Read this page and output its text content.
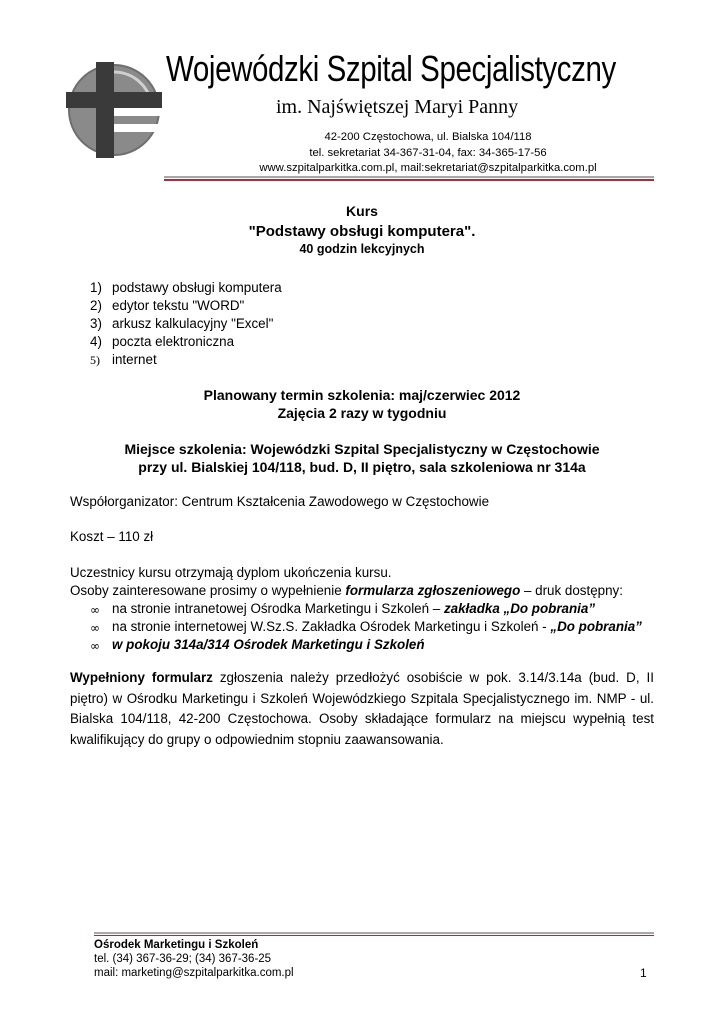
Wojewódzki Szpital Specjalistyczny
im. Najświętszej Maryi Panny
42-200 Częstochowa, ul. Bialska 104/118
tel. sekretariat 34-367-31-04, fax: 34-365-17-56
www.szpitalparkitka.com.pl, mail:sekretariat@szpitalparkitka.com.pl
Kurs
"Podstawy obsługi komputera".
40 godzin lekcyjnych
1) podstawy obsługi komputera
2) edytor tekstu "WORD"
3) arkusz kalkulacyjny "Excel"
4) poczta elektroniczna
5) internet
Planowany termin szkolenia: maj/czerwiec 2012
Zajęcia 2 razy w tygodniu
Miejsce szkolenia: Wojewódzki Szpital Specjalistyczny w Częstochowie
przy ul. Bialskiej 104/118, bud. D, II piętro, sala szkoleniowa nr 314a
Współorganizator: Centrum Kształcenia Zawodowego w Częstochowie
Koszt – 110 zł
Uczestnicy kursu otrzymają dyplom ukończenia kursu.
Osoby zainteresowane prosimy o wypełnienie formularza zgłoszeniowego – druk dostępny:
∞ na stronie intranetowej Ośrodka Marketingu i Szkoleń – zakładka „Do pobrania”
∞ na stronie internetowej W.Sz.S. Zakładka Ośrodek Marketingu i Szkoleń - „Do pobrania”
∞ w pokoju 314a/314 Ośrodek Marketingu i Szkoleń
Wypełniony formularz zgłoszenia należy przedłożyć osobiście w pok. 3.14/3.14a (bud. D, II piętro) w Ośrodku Marketingu i Szkoleń Wojewódzkiego Szpitala Specjalistycznego im. NMP - ul. Bialska 104/118, 42-200 Częstochowa. Osoby składające formularz na miejscu wypełnią test kwalifikujący do grupy o odpowiednim stopniu zaawansowania.
Ośrodek Marketingu i Szkoleń
tel. (34) 367-36-29; (34) 367-36-25
mail: marketing@szpitalparkitka.com.pl	1
